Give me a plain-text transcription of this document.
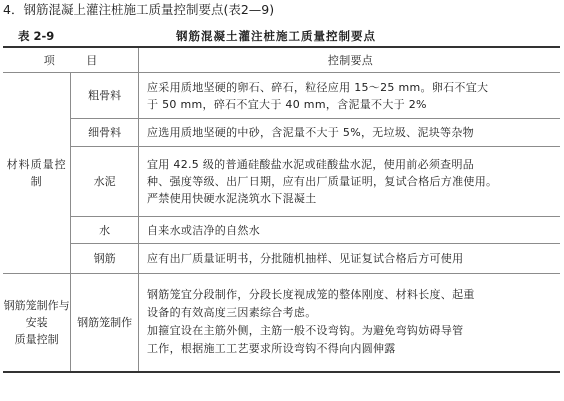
4．钢筋混凝上灌注桩施工质量控制要点(表2—9)
表 2-9	钢筋混凝土灌注桩施工质量控制要点
项 目		控制要点
材料质量控制	粗骨料	应采用质地坚硬的卵石、碎石，粒径应用 15～25 mm。卵石不宜大
于 50 mm，碎石不宜大于 40 mm，含泥量不大于 2%

	细骨料	应选用质地坚硬的中砂，含泥量不大于 5%，无垃圾、泥块等杂物

	水泥	宜用 42.5 级的普通硅酸盐水泥或硅酸盐水泥，使用前必须查明品
种、强度等级、出厂日期，应有出厂质量证明，复试合格后方准使用。
严禁使用快硬水泥浇筑水下混凝土

	水	自来水或洁净的自然水

	钢筋	应有出厂质量证明书，分批随机抽样、见证复试合格后方可使用

钢筋笼制作与安装
质量控制	钢筋笼制作	钢筋笼宜分段制作，分段长度视成笼的整体刚度、材料长度、起重
设备的有效高度三因素综合考虑。
加箍宜设在主筋外侧，主筋一般不设弯钩。为避免弯钩妨碍导管
工作，根据施工工艺要求所设弯钩不得向内圆伸露
